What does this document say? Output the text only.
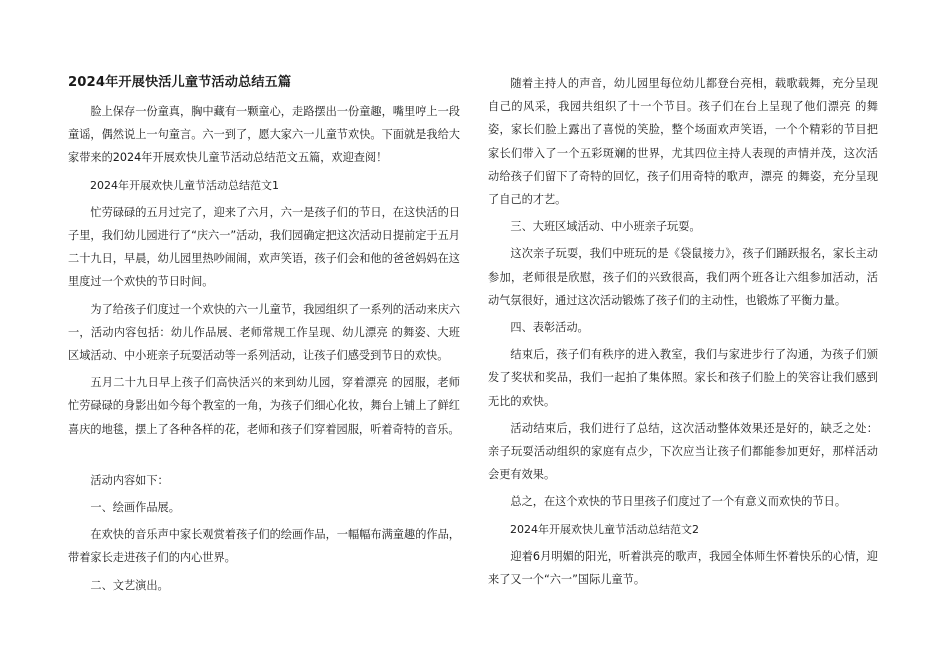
2024年开展快活儿童节活动总结五篇

脸上保存一份童真，胸中藏有一颗童心，走路摆出一份童趣，嘴里哼上一段童谣，偶然说上一句童言。六一到了，愿大家六一儿童节欢快。下面就是我给大家带来的2024年开展欢快儿童节活动总结范文五篇，欢迎查阅！

2024年开展欢快儿童节活动总结范文1

忙劳碌碌的五月过完了，迎来了六月，六一是孩子们的节日，在这快活的日子里，我们幼儿园进行了“庆六一”活动，我们园确定把这次活动日提前定于五月二十九日，早晨，幼儿园里热吵闹闹，欢声笑语，孩子们会和他的爸爸妈妈在这里度过一个欢快的节日时间。

为了给孩子们度过一个欢快的六一儿童节，我园组织了一系列的活动来庆六一，活动内容包括：幼儿作品展、老师常规工作呈现、幼儿漂亮 的舞姿、大班区域活动、中小班亲子玩耍活动等一系列活动，让孩子们感受到节日的欢快。

五月二十九日早上孩子们高快活兴的来到幼儿园，穿着漂亮 的园服，老师忙劳碌碌的身影出如今每个教室的一角，为孩子们细心化妆，舞台上铺上了鲜红喜庆的地毯，摆上了各种各样的花，老师和孩子们穿着园服，听着奇特的音乐。

活动内容如下：

一、绘画作品展。

在欢快的音乐声中家长观赏着孩子们的绘画作品，一幅幅布满童趣的作品，带着家长走进孩子们的内心世界。

二、文艺演出。

随着主持人的声音，幼儿园里每位幼儿都登台亮相，载歌载舞，充分呈现自己的风采，我园共组织了十一个节目。孩子们在台上呈现了他们漂亮 的舞姿，家长们脸上露出了喜悦的笑脸，整个场面欢声笑语，一个个精彩的节目把家长们带入了一个五彩斑斓的世界，尤其四位主持人表现的声情并茂，这次活动给孩子们留下了奇特的回忆，孩子们用奇特的歌声，漂亮 的舞姿，充分呈现了自己的才艺。

三、大班区域活动、中小班亲子玩耍。

这次亲子玩耍，我们中班玩的是《袋鼠接力》，孩子们踊跃报名，家长主动参加，老师很是欣慰，孩子们的兴致很高，我们两个班各让六组参加活动，活动气氛很好，通过这次活动锻炼了孩子们的主动性，也锻炼了平衡力量。

四、表彰活动。

结束后，孩子们有秩序的进入教室，我们与家进步行了沟通，为孩子们颁发了奖状和奖品，我们一起拍了集体照。家长和孩子们脸上的笑容让我们感到无比的欢快。

活动结束后，我们进行了总结，这次活动整体效果还是好的，缺乏之处：亲子玩耍活动组织的家庭有点少，下次应当让孩子们都能参加更好，那样活动会更有效果。

总之，在这个欢快的节日里孩子们度过了一个有意义而欢快的节日。

2024年开展欢快儿童节活动总结范文2

迎着6月明媚的阳光，听着洪亮的歌声，我园全体师生怀着快乐的心情，迎来了又一个“六一”国际儿童节。
